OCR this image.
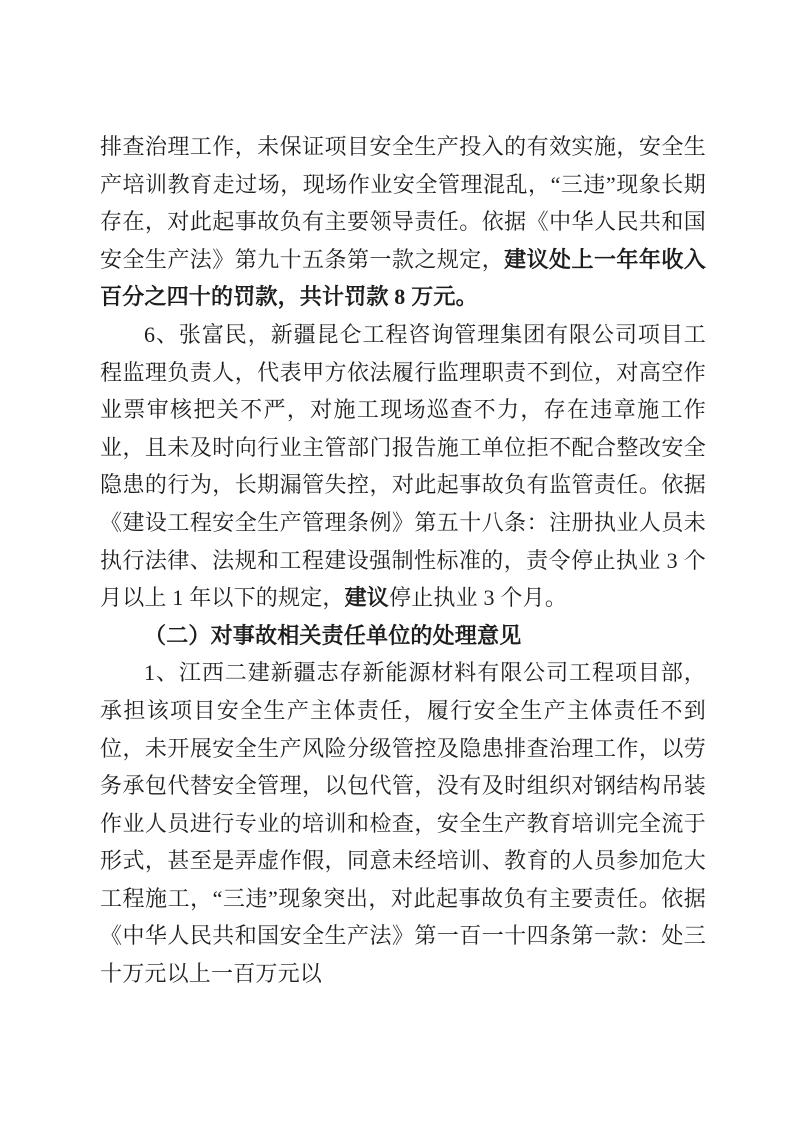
排查治理工作，未保证项目安全生产投入的有效实施，安全生产培训教育走过场，现场作业安全管理混乱，“三违”现象长期存在，对此起事故负有主要领导责任。依据《中华人民共和国安全生产法》第九十五条第一款之规定，建议处上一年年收入百分之四十的罚款，共计罚款 8 万元。

6、张富民，新疆昆仑工程咨询管理集团有限公司项目工程监理负责人，代表甲方依法履行监理职责不到位，对高空作业票审核把关不严，对施工现场巡查不力，存在违章施工作业，且未及时向行业主管部门报告施工单位拒不配合整改安全隐患的行为，长期漏管失控，对此起事故负有监管责任。依据《建设工程安全生产管理条例》第五十八条：注册执业人员未执行法律、法规和工程建设强制性标准的，责令停止执业 3 个月以上 1 年以下的规定，建议停止执业 3 个月。

（二）对事故相关责任单位的处理意见

1、江西二建新疆志存新能源材料有限公司工程项目部，承担该项目安全生产主体责任，履行安全生产主体责任不到位，未开展安全生产风险分级管控及隐患排查治理工作，以劳务承包代替安全管理，以包代管，没有及时组织对钢结构吊装作业人员进行专业的培训和检查，安全生产教育培训完全流于形式，甚至是弄虚作假，同意未经培训、教育的人员参加危大工程施工，“三违”现象突出，对此起事故负有主要责任。依据《中华人民共和国安全生产法》第一百一十四条第一款：处三十万元以上一百万元以
